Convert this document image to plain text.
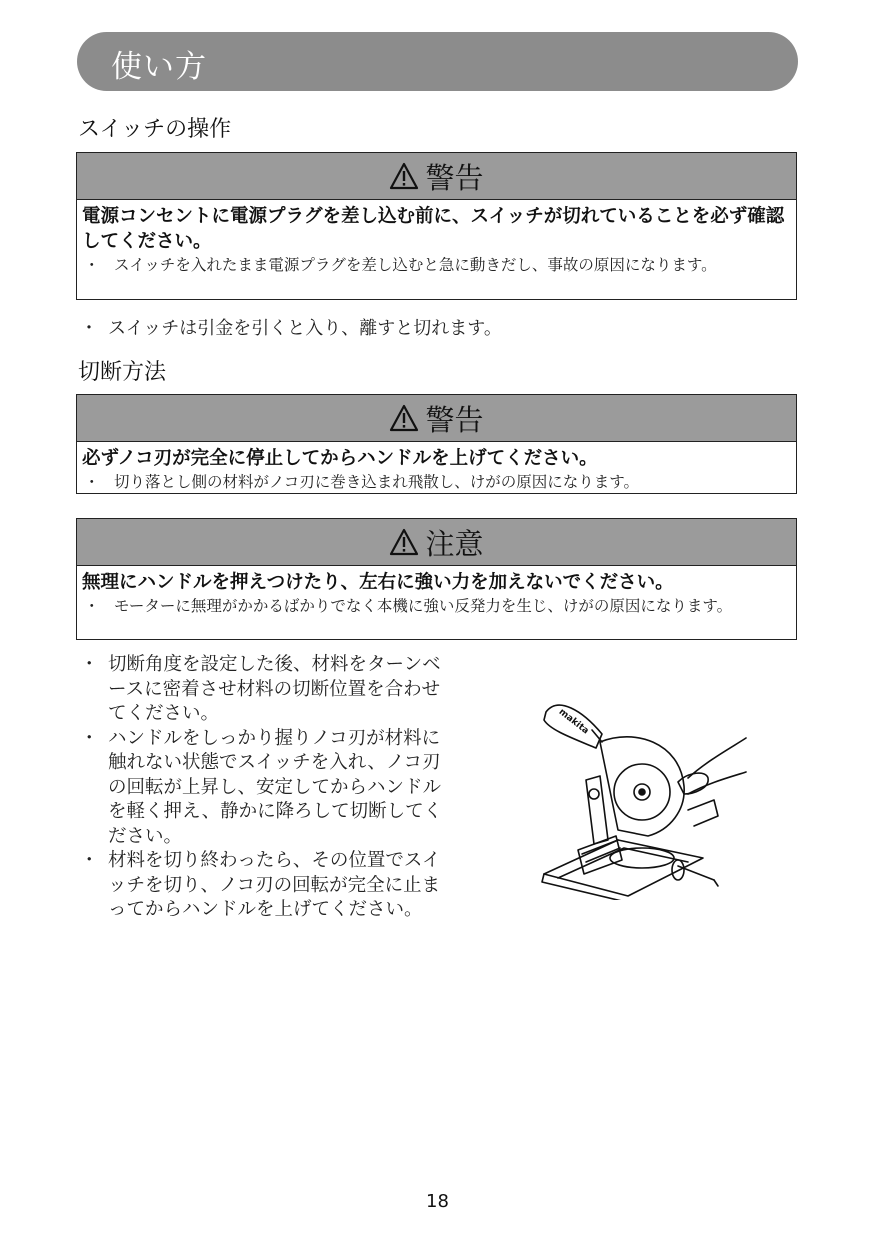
使い方
スイッチの操作
警告
電源コンセントに電源プラグを差し込む前に、スイッチが切れていることを必ず確認してください。
・ スイッチを入れたまま電源プラグを差し込むと急に動きだし、事故の原因になります。
・ スイッチは引金を引くと入り、離すと切れます。
切断方法
警告
必ずノコ刃が完全に停止してからハンドルを上げてください。
・ 切り落とし側の材料がノコ刃に巻き込まれ飛散し、けがの原因になります。
注意
無理にハンドルを押えつけたり、左右に強い力を加えないでください。
・ モーターに無理がかかるばかりでなく本機に強い反発力を生じ、けがの原因になります。
・ 切断角度を設定した後、材料をターンベースに密着させ材料の切断位置を合わせてください。
・ ハンドルをしっかり握りノコ刃が材料に触れない状態でスイッチを入れ、ノコ刃の回転が上昇し、安定してからハンドルを軽く押え、静かに降ろして切断してください。
・ 材料を切り終わったら、その位置でスイッチを切り、ノコ刃の回転が完全に止まってからハンドルを上げてください。
makita
18
